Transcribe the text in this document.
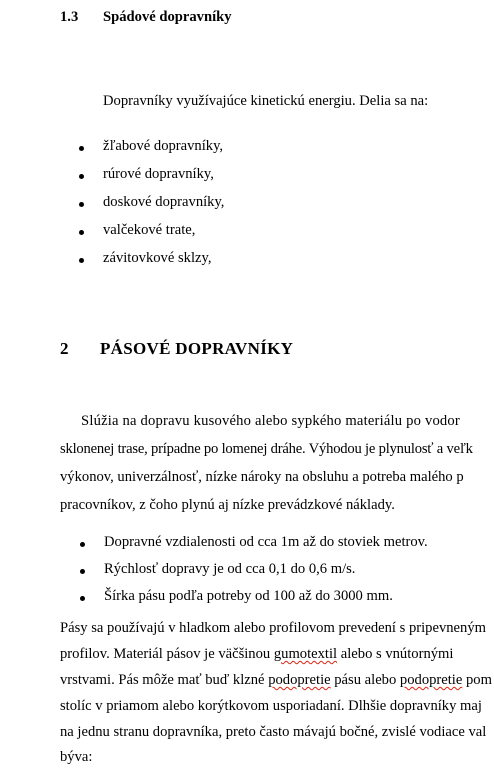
1.3 Spádové dopravníky
Dopravníky využívajúce kinetickú energiu. Delia sa na:
žľabové dopravníky,
rúrové dopravníky,
doskové dopravníky,
valčekové trate,
závitovkové sklzy,
2 PÁSOVÉ DOPRAVNÍKY
Slúžia na dopravu kusového alebo sypkého materiálu po vodor
sklonenej trase, prípadne po lomenej dráhe. Výhodou je plynulosť a veľk
výkonov, univerzálnosť, nízke nároky na obsluhu a potreba malého p
pracovníkov, z čoho plynú aj nízke prevádzkové náklady.
Dopravné vzdialenosti od cca 1m až do stoviek metrov.
Rýchlosť dopravy je od cca 0,1 do 0,6 m/s.
Šírka pásu podľa potreby od 100 až do 3000 mm.
Pásy sa používajú v hladkom alebo profilovom prevedení s pripevneným
profilov. Materiál pásov je väčšinou gumotextil alebo s vnútornými
vrstvami. Pás môže mať buď klzné podopretie pásu alebo podopretie pom
stolíc v priamom alebo korýtkovom usporiadaní. Dlhšie dopravníky maj
na jednu stranu dopravníka, preto často mávajú bočné, zvislé vodiace val
býva:
